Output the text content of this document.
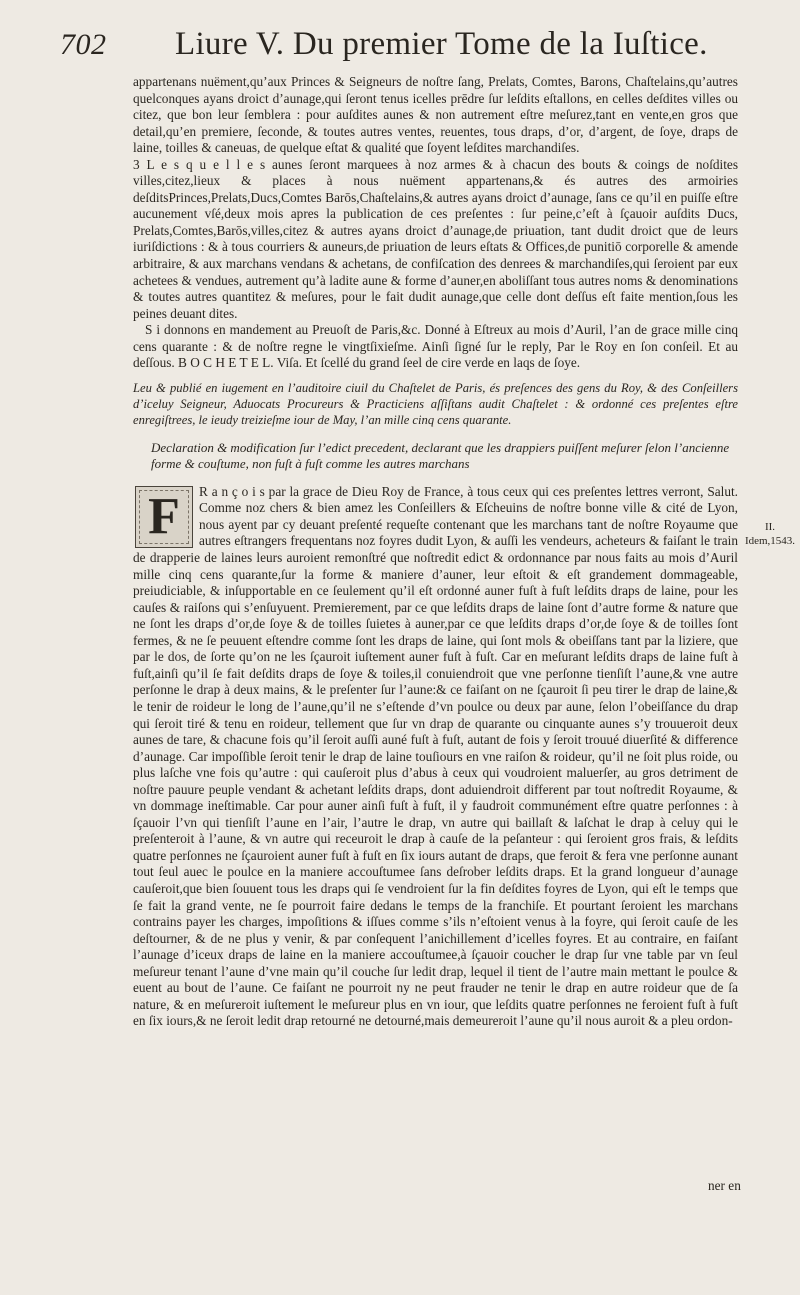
702 Liure V. Du premier Tome de la Iuſtice.

appartenans nuëment,qu’aux Princes & Seigneurs de noſtre ſang, Prelats, Comtes, Barons, Chaſtelains,qu’autres quelconques ayans droict d’aunage,qui ſeront tenus icelles prēdre ſur leſdits eſtallons, en celles deſdites villes ou citez, que bon leur ſemblera : pour auſdites aunes & non autrement eſtre meſurez,tant en vente,en gros que detail,qu’en premiere, ſeconde, & toutes autres ventes, reuentes, tous draps, d’or, d’argent, de ſoye, draps de laine, toilles & caneuas, de quelque eſtat & qualité que ſoyent leſdites marchandiſes.

3 L e s q u e l l e s aunes ſeront marquees à noz armes & à chacun des bouts & coings de noſdites villes,citez,lieux & places à nous nuëment appartenans,& és autres des armoiries deſditsPrinces,Prelats,Ducs,Comtes Barōs,Chaſtelains,& autres ayans droict d’aunage, ſans ce qu’il en puiſſe eſtre aucunement vſé,deux mois apres la publication de ces preſentes : ſur peine,c’eſt à ſçauoir auſdits Ducs, Prelats,Comtes,Barōs,villes,citez & autres ayans droict d’aunage,de priuation, tant dudit droict que de leurs iuriſdictions : & à tous courriers & auneurs,de priuation de leurs eſtats & Offices,de punitiō corporelle & amende arbitraire, & aux marchans vendans & achetans, de confiſcation des denrees & marchandiſes,qui ſeroient par eux achetees & vendues, autrement qu’à ladite aune & forme d’auner,en aboliſſant tous autres noms & denominations & toutes autres quantitez & meſures, pour le fait dudit aunage,que celle dont deſſus eſt faite mention,ſous les peines deuant dites.

S i donnons en mandement au Preuoſt de Paris,&c. Donné à Eſtreux au mois d’Auril, l’an de grace mille cinq cens quarante : & de noſtre regne le vingtſixieſme. Ainſi ſigné ſur le reply, Par le Roy en ſon conſeil. Et au deſſous. B O C H E T E L. Viſa. Et ſcellé du grand ſeel de cire verde en laqs de ſoye.

Leu & publié en iugement en l’auditoire ciuil du Chaſtelet de Paris, és preſences des gens du Roy, & des Conſeillers d’iceluy Seigneur, Aduocats Procureurs & Practiciens aſſiſtans audit Chaſtelet : & ordonné ces preſentes eſtre enregiſtrees, le ieudy treizieſme iour de May, l’an mille cinq cens quarante.

Declaration & modification ſur l’edict precedent, declarant que les drappiers puiſſent meſurer ſelon l’ancienne forme & couſtume, non fuſt à fuſt comme les autres marchans

F	R a n ç o i s par la grace de Dieu Roy de France, à tous ceux qui ces preſentes lettres verront, Salut. Comme noz chers & bien amez les Conſeillers & Eſcheuins de noſtre bonne ville & cité de Lyon, nous ayent par cy deuant preſenté requeſte contenant que les marchans tant de noſtre Royaume que autres eſtrangers frequentans noz foyres dudit Lyon, & auſſi les vendeurs, acheteurs & faiſant le train de drapperie de laines leurs auroient remonſtré que noſtredit edict & ordonnance par nous faits au mois d’Auril mille cinq cens quarante,ſur la forme & maniere d’auner, leur eſtoit & eſt grandement dommageable, preiudiciable, & inſupportable en ce ſeulement qu’il eſt ordonné auner fuſt à fuſt leſdits draps de laine, pour les cauſes & raiſons qui s’enſuyuent. Premierement, par ce que leſdits draps de laine ſont d’autre forme & nature que ne ſont les draps d’or,de ſoye & de toilles ſuietes à auner,par ce que leſdits draps d’or,de ſoye & de toilles ſont fermes, & ne ſe peuuent eſtendre comme ſont les draps de laine, qui ſont mols & obeiſſans tant par la liziere, que par le dos, de ſorte qu’on ne les ſçauroit iuſtement auner fuſt à fuſt. Car en meſurant leſdits draps de laine fuſt à fuſt,ainſi qu’il ſe fait deſdits draps de ſoye & toiles,il conuiendroit que vne perſonne tienſiſt l’aune,& vne autre perſonne le drap à deux mains, & le preſenter ſur l’aune:& ce faiſant on ne ſçauroit ſi peu tirer le drap de laine,& le tenir de roideur le long de l’aune,qu’il ne s’eſtende d’vn poulce ou deux par aune, ſelon l’obeiſſance du drap qui ſeroit tiré & tenu en roideur, tellement que ſur vn drap de quarante ou cinquante aunes s’y trouueroit deux aunes de tare, & chacune fois qu’il ſeroit auſſi auné fuſt à fuſt, autant de fois y ſeroit trouué diuerſité & difference d’aunage. Car impoſſible ſeroit tenir le drap de laine touſiours en vne raiſon & roideur, qu’il ne ſoit plus roide, ou plus laſche vne fois qu’autre : qui cauſeroit plus d’abus à ceux qui voudroient maluerſer, au gros detriment de noſtre pauure peuple vendant & achetant leſdits draps, dont aduiendroit different par tout noſtredit Royaume, & vn dommage ineſtimable. Car pour auner ainſi fuſt à fuſt, il y faudroit communément eſtre quatre perſonnes : à ſçauoir l’vn qui tienſiſt l’aune en l’air, l’autre le drap, vn autre qui baillaſt & laſchat le drap à celuy qui le preſenteroit à l’aune, & vn autre qui receuroit le drap à cauſe de la peſanteur : qui ſeroient gros frais, & leſdits quatre perſonnes ne ſçauroient auner fuſt à fuſt en ſix iours autant de draps, que feroit & fera vne perſonne aunant tout ſeul auec le poulce en la maniere accouſtumee ſans deſrober leſdits draps. Et la grand longueur d’aunage cauſeroit,que bien ſouuent tous les draps qui ſe vendroient ſur la fin deſdites foyres de Lyon, qui eſt le temps que ſe fait la grand vente, ne ſe pourroit faire dedans le temps de la franchiſe. Et pourtant ſeroient les marchans contrains payer les charges, impoſitions & iſſues comme s’ils n’eſtoient venus à la foyre, qui ſeroit cauſe de les deſtourner, & de ne plus y venir, & par conſequent l’anichillement d’icelles foyres. Et au contraire, en faiſant l’aunage d’iceux draps de laine en la maniere accouſtumee,à ſçauoir coucher le drap ſur vne table par vn ſeul meſureur tenant l’aune d’vne main qu’il couche ſur ledit drap, lequel il tient de l’autre main mettant le poulce & euent au bout de l’aune. Ce faiſant ne pourroit ny ne peut frauder ne tenir le drap en autre roideur que de ſa nature, & en meſureroit iuſtement le meſureur plus en vn iour, que leſdits quatre perſonnes ne feroient fuſt à fuſt en ſix iours,& ne ſeroit ledit drap retourné ne detourné,mais demeureroit l’aune qu’il nous auroit & a pleu ordon-

II.
Idem,1543.
ner en
